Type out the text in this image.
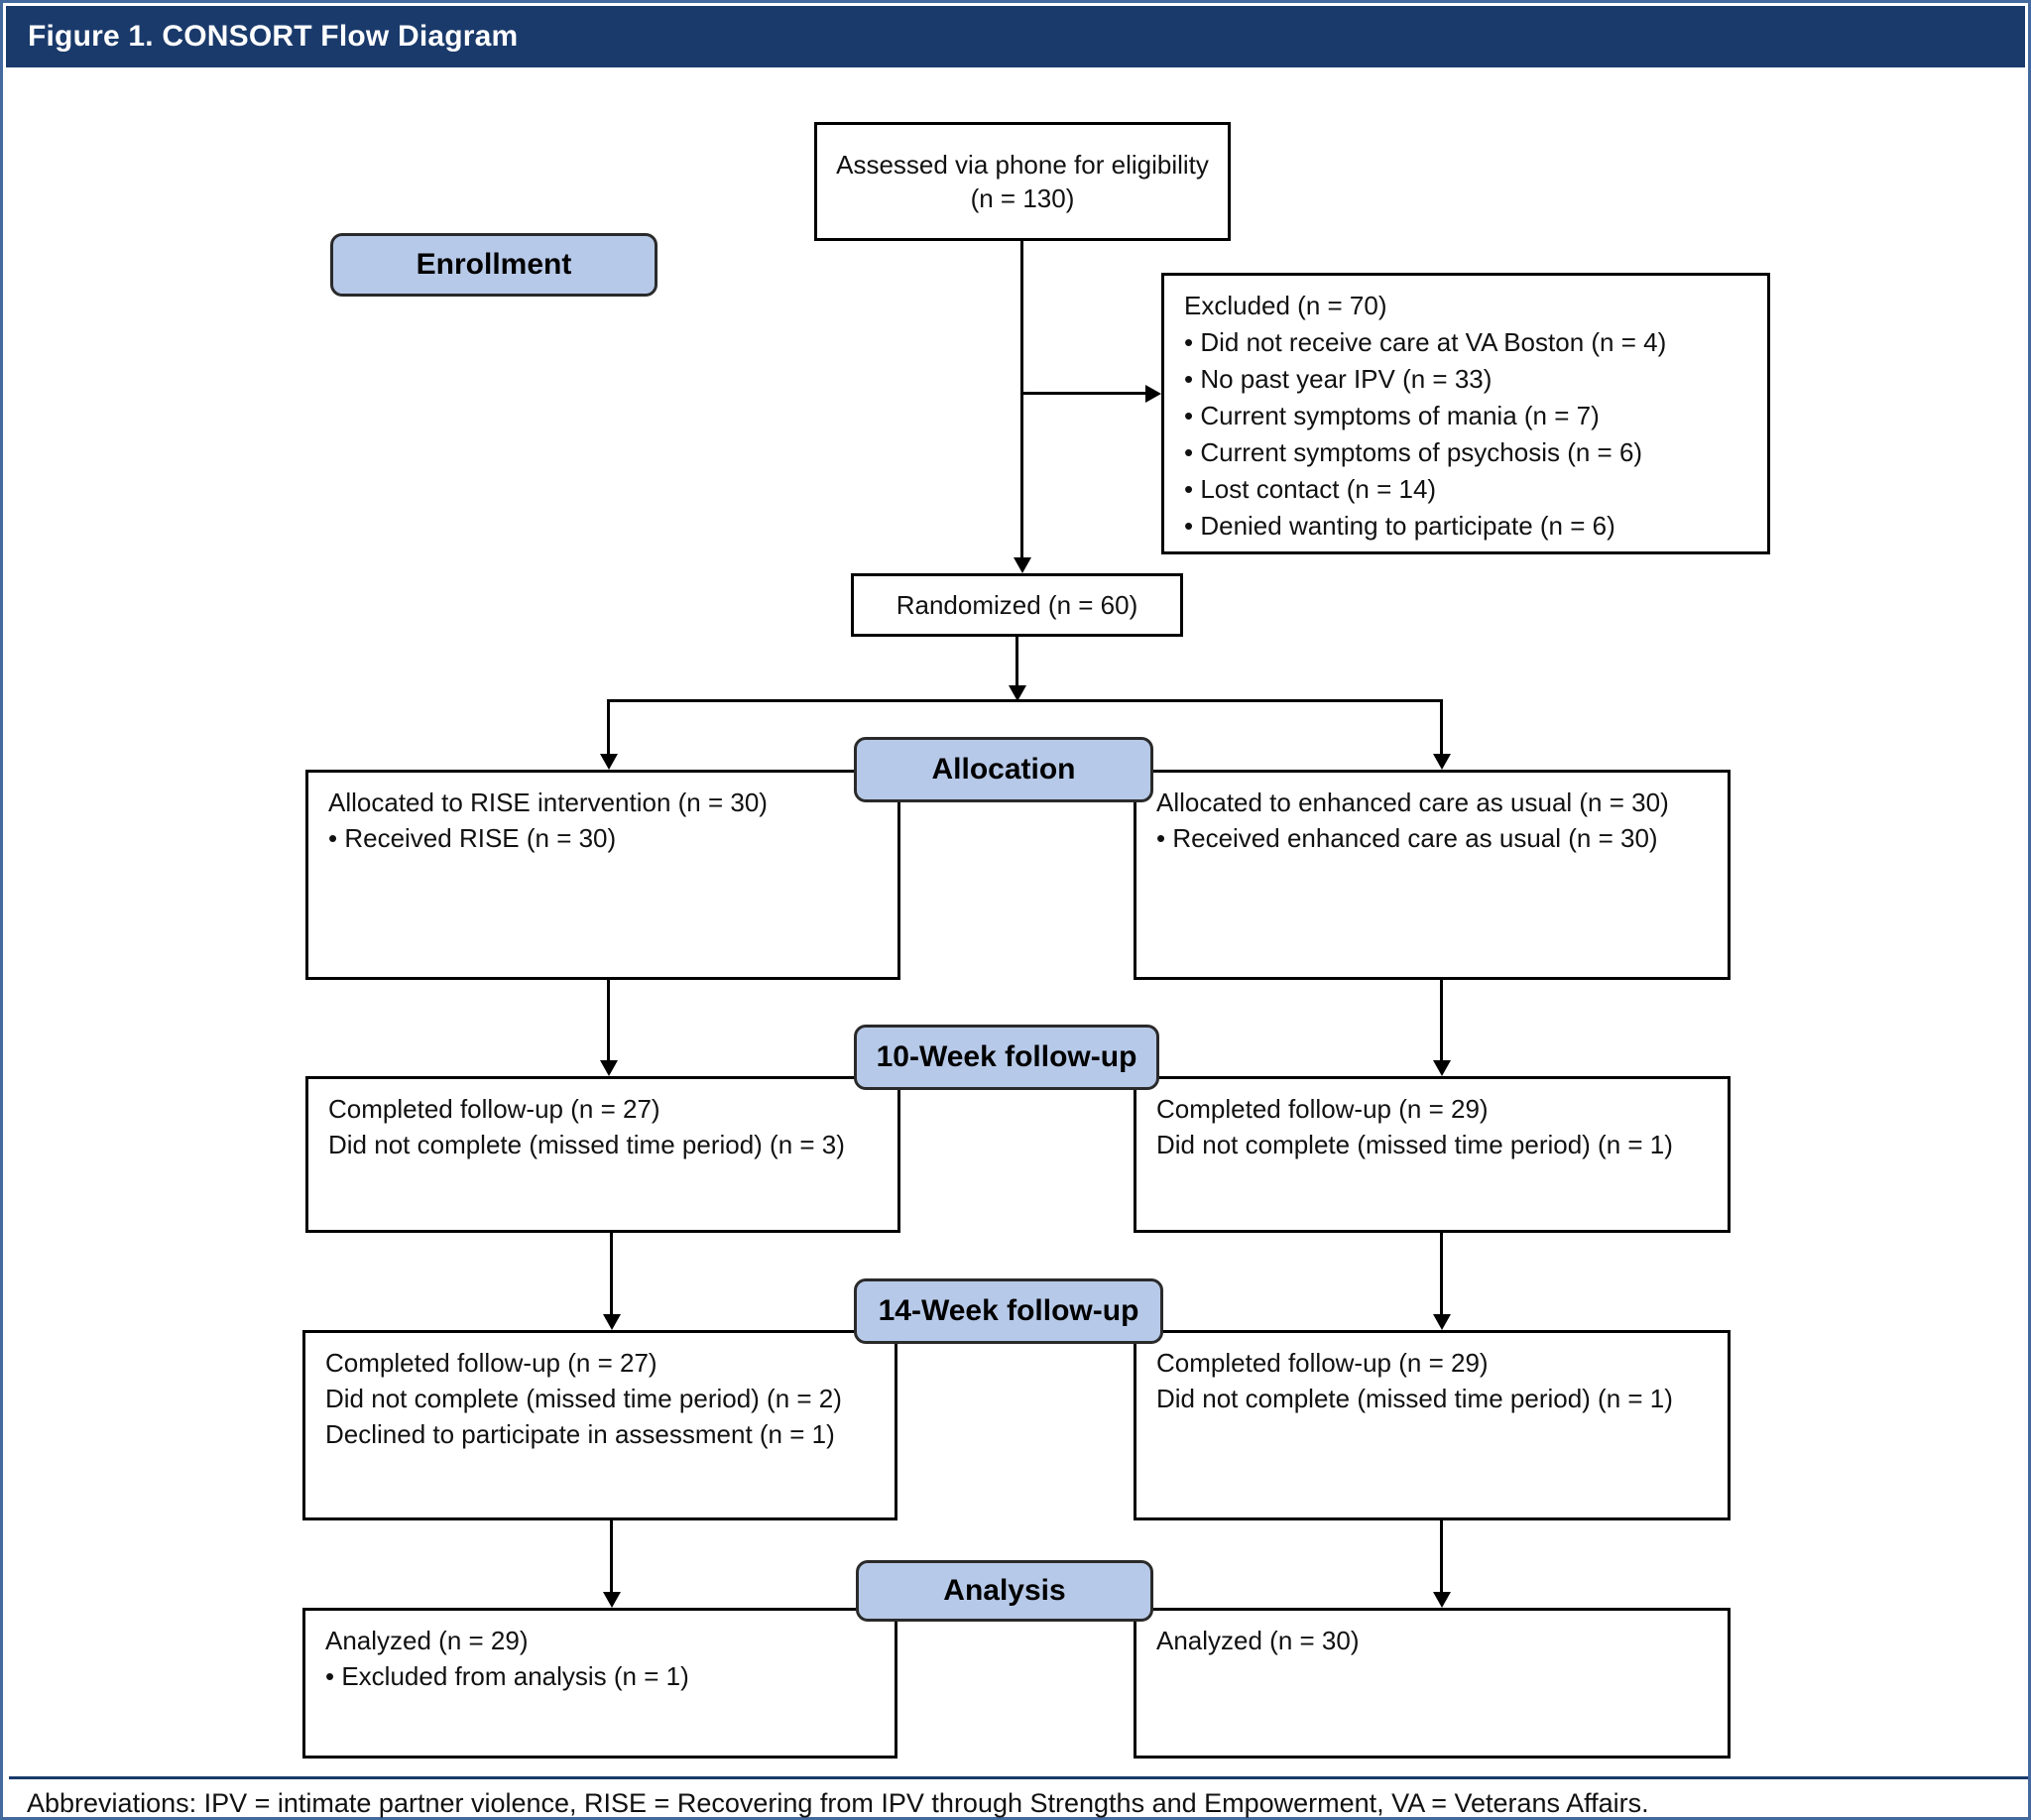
Figure 1. CONSORT Flow Diagram
Assessed via phone for eligibility (n = 130)
Enrollment
Excluded (n = 70)
• Did not receive care at VA Boston (n = 4)
• No past year IPV (n = 33)
• Current symptoms of mania (n = 7)
• Current symptoms of psychosis (n = 6)
• Lost contact (n = 14)
• Denied wanting to participate (n = 6)
Randomized (n = 60)
Allocation
Allocated to RISE intervention (n = 30)
• Received RISE (n = 30)
Allocated to enhanced care as usual (n = 30)
• Received enhanced care as usual (n = 30)
10-Week follow-up
Completed follow-up (n = 27)
Did not complete (missed time period) (n = 3)
Completed follow-up (n = 29)
Did not complete (missed time period) (n = 1)
14-Week follow-up
Completed follow-up (n = 27)
Did not complete (missed time period) (n = 2)
Declined to participate in assessment (n = 1)
Completed follow-up (n = 29)
Did not complete (missed time period) (n = 1)
Analysis
Analyzed (n = 29)
• Excluded from analysis (n = 1)
Analyzed (n = 30)
Abbreviations: IPV = intimate partner violence, RISE = Recovering from IPV through Strengths and Empowerment, VA = Veterans Affairs.
